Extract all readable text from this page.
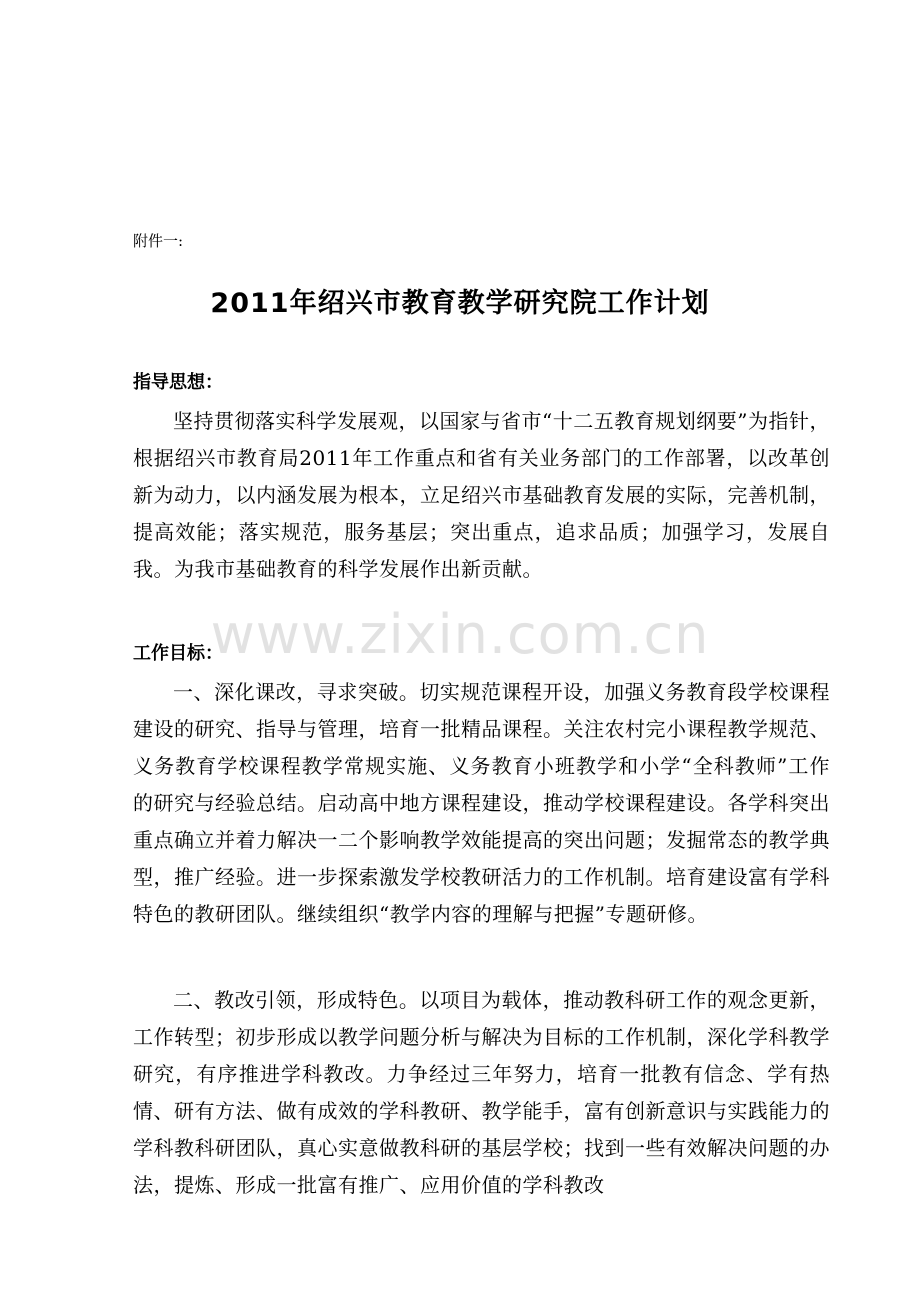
www.zixin.com.cn
附件一:
2011年绍兴市教育教学研究院工作计划
指导思想：

坚持贯彻落实科学发展观，以国家与省市“十二五教育规划纲要”为指针，根据绍兴市教育局2011年工作重点和省有关业务部门的工作部署，以改革创新为动力，以内涵发展为根本，立足绍兴市基础教育发展的实际，完善机制，提高效能；落实规范，服务基层；突出重点，追求品质；加强学习，发展自我。为我市基础教育的科学发展作出新贡献。

工作目标：

一、深化课改，寻求突破。切实规范课程开设，加强义务教育段学校课程建设的研究、指导与管理，培育一批精品课程。关注农村完小课程教学规范、义务教育学校课程教学常规实施、义务教育小班教学和小学“全科教师”工作的研究与经验总结。启动高中地方课程建设，推动学校课程建设。各学科突出重点确立并着力解决一二个影响教学效能提高的突出问题；发掘常态的教学典型，推广经验。进一步探索激发学校教研活力的工作机制。培育建设富有学科特色的教研团队。继续组织“教学内容的理解与把握”专题研修。

二、教改引领，形成特色。以项目为载体，推动教科研工作的观念更新，工作转型；初步形成以教学问题分析与解决为目标的工作机制，深化学科教学研究，有序推进学科教改。力争经过三年努力，培育一批教有信念、学有热情、研有方法、做有成效的学科教研、教学能手，富有创新意识与实践能力的学科教科研团队，真心实意做教科研的基层学校；找到一些有效解决问题的办法，提炼、形成一批富有推广、应用价值的学科教改
